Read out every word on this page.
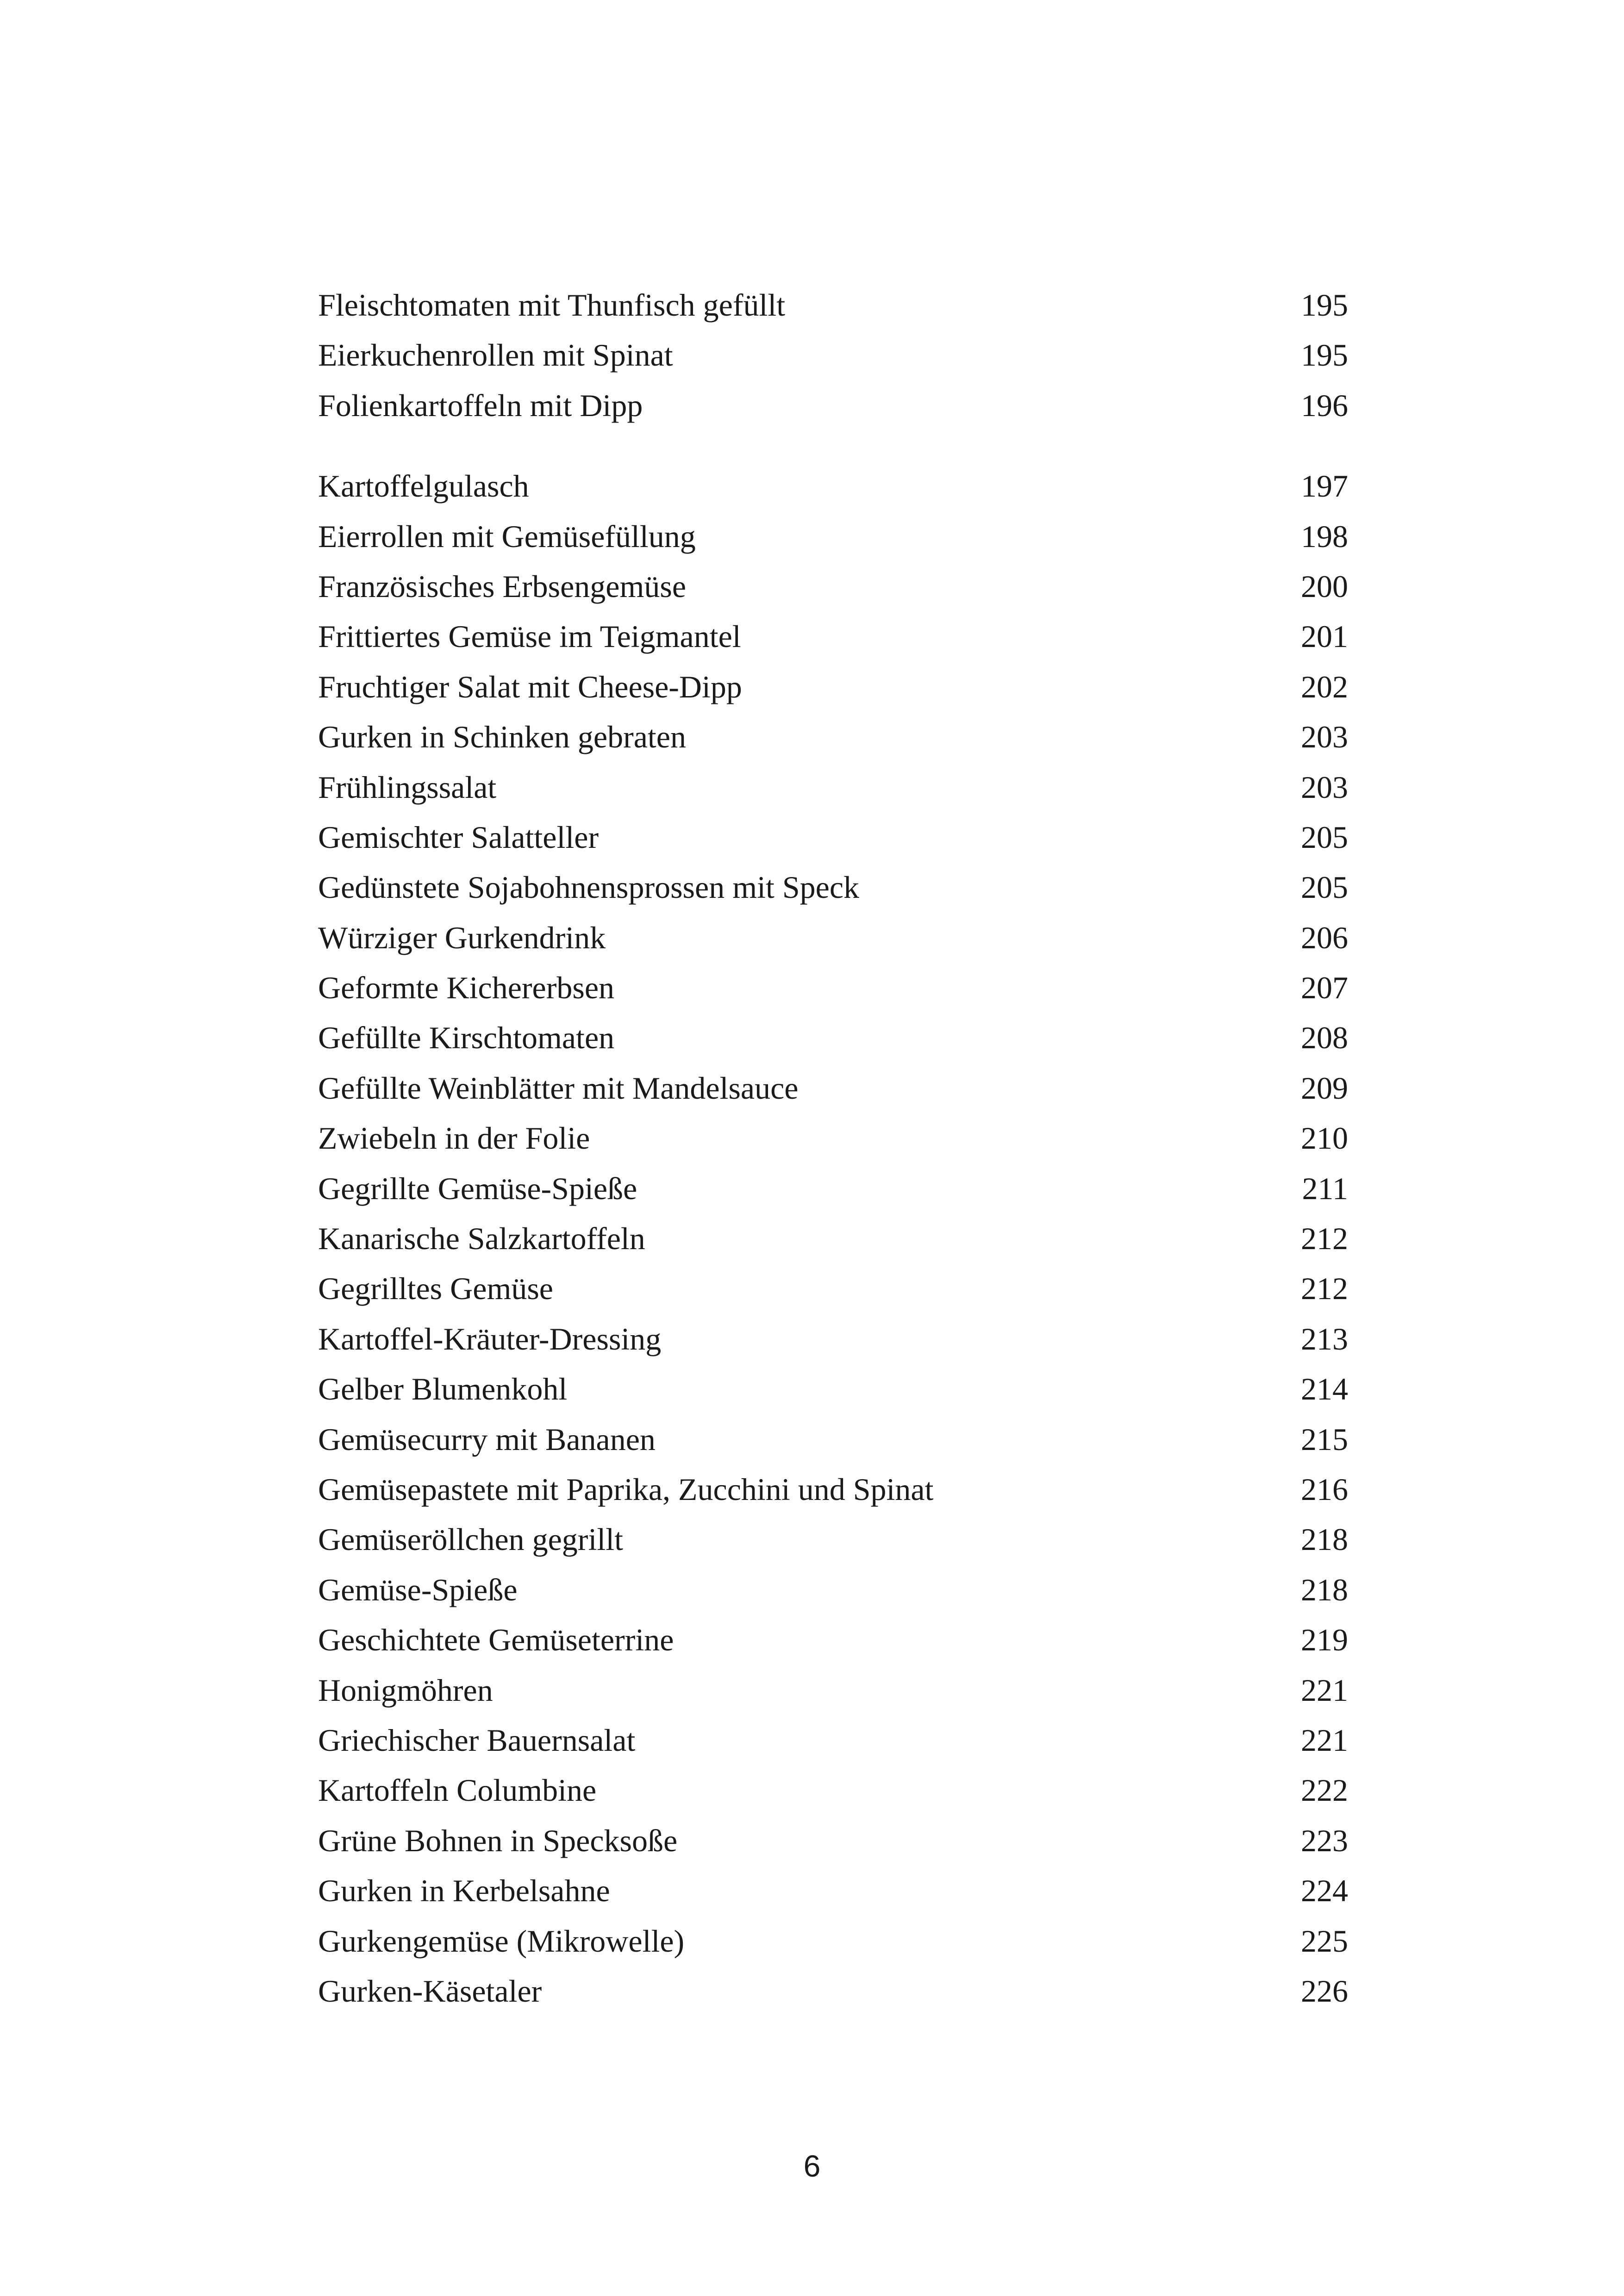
Fleischtomaten mit Thunfisch gefüllt	195
Eierkuchenrollen mit Spinat	195
Folienkartoffeln mit Dipp	196
Kartoffelgulasch	197
Eierrollen mit Gemüsefüllung	198
Französisches Erbsengemüse	200
Frittiertes Gemüse im Teigmantel	201
Fruchtiger Salat mit Cheese-Dipp	202
Gurken in Schinken gebraten	203
Frühlingssalat	203
Gemischter Salatteller	205
Gedünstete Sojabohnensprossen mit Speck	205
Würziger Gurkendrink	206
Geformte Kichererbsen	207
Gefüllte Kirschtomaten	208
Gefüllte Weinblätter mit Mandelsauce	209
Zwiebeln in der Folie	210
Gegrillte Gemüse-Spieße	211
Kanarische Salzkartoffeln	212
Gegrilltes Gemüse	212
Kartoffel-Kräuter-Dressing	213
Gelber Blumenkohl	214
Gemüsecurry mit Bananen	215
Gemüsepastete mit Paprika, Zucchini und Spinat	216
Gemüseröllchen gegrillt	218
Gemüse-Spieße	218
Geschichtete Gemüseterrine	219
Honigmöhren	221
Griechischer Bauernsalat	221
Kartoffeln Columbine	222
Grüne Bohnen in Specksoße	223
Gurken in Kerbelsahne	224
Gurkengemüse (Mikrowelle)	225
Gurken-Käsetaler	226
6
